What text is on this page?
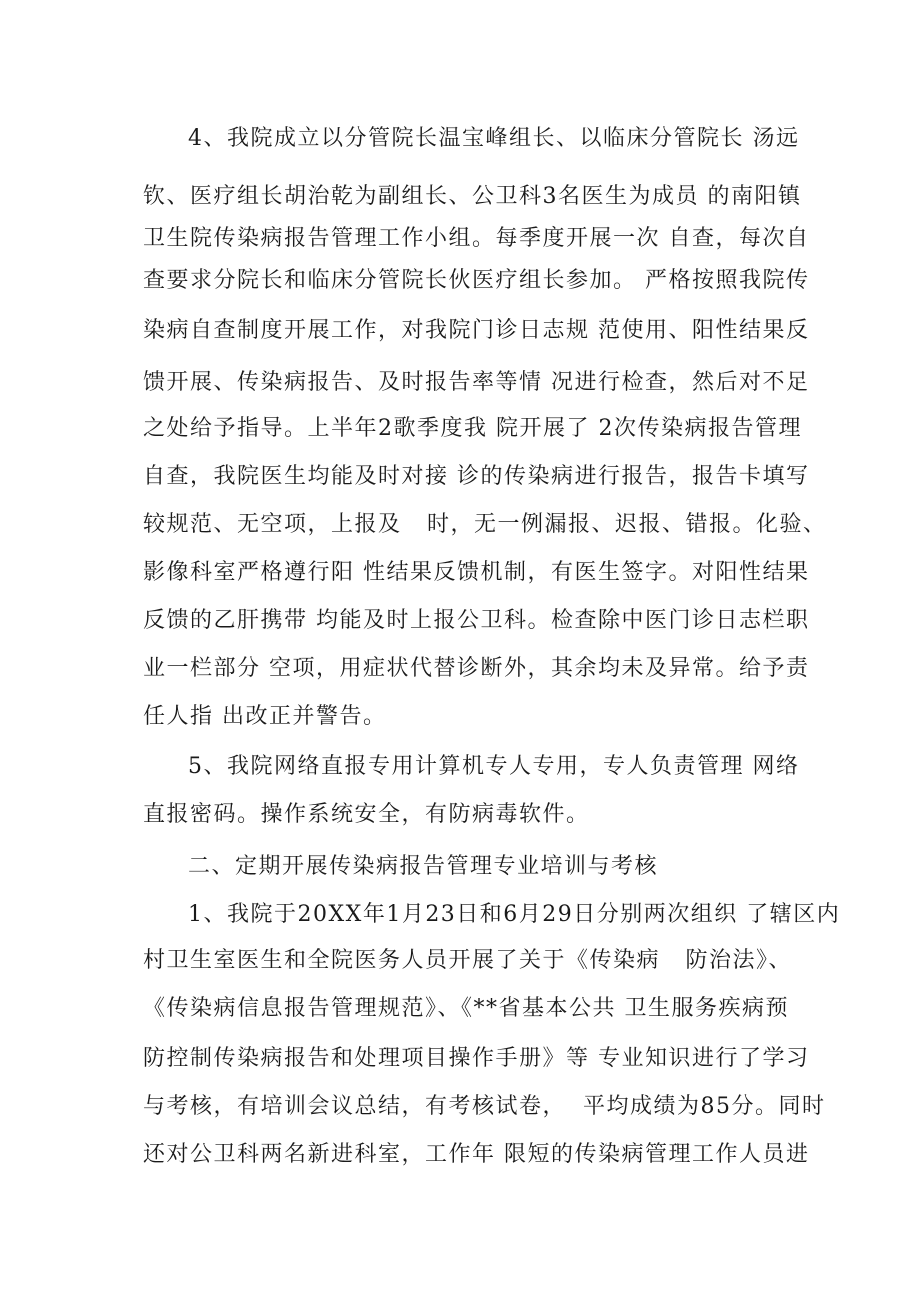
4、我院成立以分管院长温宝峰组长、以临床分管院长 汤远
钦、医疗组长胡治乾为副组长、公卫科3名医生为成员 的南阳镇
卫生院传染病报告管理工作小组。每季度开展一次 自查，每次自
查要求分院长和临床分管院长伙医疗组长参加。 严格按照我院传
染病自查制度开展工作，对我院门诊日志规 范使用、阳性结果反
馈开展、传染病报告、及时报告率等情 况进行检查，然后对不足
之处给予指导。上半年2歌季度我 院开展了 2次传染病报告管理
自查，我院医生均能及时对接 诊的传染病进行报告，报告卡填写
较规范、无空项，上报及   时，无一例漏报、迟报、错报。化验、
影像科室严格遵行阳 性结果反馈机制，有医生签字。对阳性结果
反馈的乙肝携带 均能及时上报公卫科。检查除中医门诊日志栏职
业一栏部分 空项，用症状代替诊断外，其余均未及异常。给予责
任人指 出改正并警告。
5、我院网络直报专用计算机专人专用，专人负责管理 网络
直报密码。操作系统安全，有防病毒软件。
二、定期开展传染病报告管理专业培训与考核
1、我院于20XX年1月23日和6月29日分别两次组织 了辖区内
村卫生室医生和全院医务人员开展了关于《传染病   防治法》、
《传染病信息报告管理规范》、《**省基本公共 卫生服务疾病预
防控制传染病报告和处理项目操作手册》等 专业知识进行了学习
与考核，有培训会议总结，有考核试卷，  平均成绩为85分。同时
还对公卫科两名新进科室，工作年 限短的传染病管理工作人员进
